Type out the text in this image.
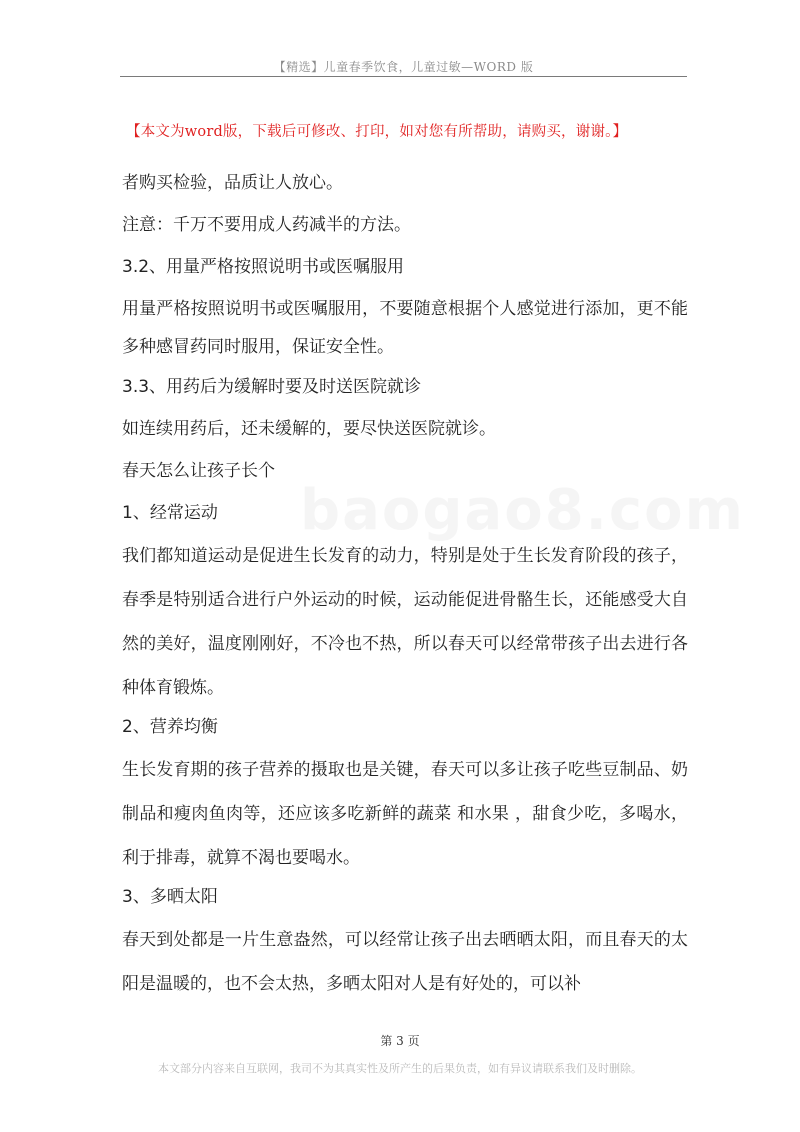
【精选】儿童春季饮食，儿童过敏—WORD 版
【本文为word版，下载后可修改、打印，如对您有所帮助，请购买，谢谢。】
baogao8.com

者购买检验，品质让人放心。

注意：千万不要用成人药减半的方法。

3.2、用量严格按照说明书或医嘱服用

用量严格按照说明书或医嘱服用，不要随意根据个人感觉进行添加，更不能多种感冒药同时服用，保证安全性。

3.3、用药后为缓解时要及时送医院就诊

如连续用药后，还未缓解的，要尽快送医院就诊。

春天怎么让孩子长个

1、经常运动

我们都知道运动是促进生长发育的动力，特别是处于生长发育阶段的孩子，春季是特别适合进行户外运动的时候，运动能促进骨骼生长，还能感受大自然的美好，温度刚刚好，不冷也不热，所以春天可以经常带孩子出去进行各种体育锻炼。

2、营养均衡

生长发育期的孩子营养的摄取也是关键，春天可以多让孩子吃些豆制品、奶制品和瘦肉鱼肉等，还应该多吃新鲜的蔬菜 和水果 ，甜食少吃，多喝水，利于排毒，就算不渴也要喝水。

3、多晒太阳

春天到处都是一片生意盎然，可以经常让孩子出去晒晒太阳，而且春天的太阳是温暖的，也不会太热，多晒太阳对人是有好处的，可以补

第 3 页
本文部分内容来自互联网，我司不为其真实性及所产生的后果负责，如有异议请联系我们及时删除。
